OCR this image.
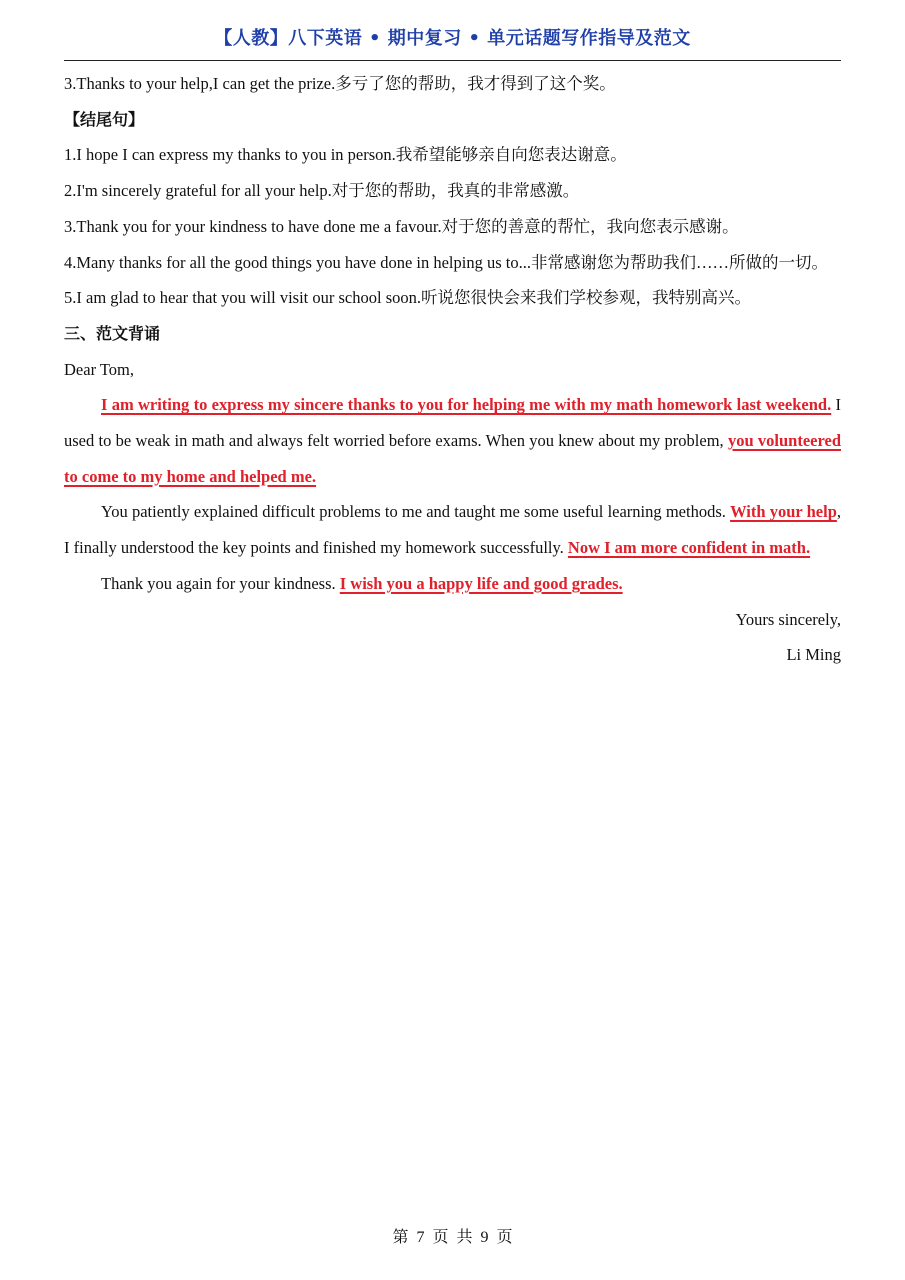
【人教】八下英语 • 期中复习 • 单元话题写作指导及范文

3.Thanks to your help,I can get the prize.多亏了您的帮助，我才得到了这个奖。

【结尾句】

1.I hope I can express my thanks to you in person.我希望能够亲自向您表达谢意。

2.I'm sincerely grateful for all your help.对于您的帮助，我真的非常感激。

3.Thank you for your kindness to have done me a favour.对于您的善意的帮忙，我向您表示感谢。

4.Many thanks for all the good things you have done in helping us to...非常感谢您为帮助我们……所做的一切。

5.I am glad to hear that you will visit our school soon.听说您很快会来我们学校参观，我特别高兴。

三、范文背诵

Dear Tom,

I am writing to express my sincere thanks to you for helping me with my math homework last weekend. I used to be weak in math and always felt worried before exams. When you knew about my problem, you volunteered to come to my home and helped me.

You patiently explained difficult problems to me and taught me some useful learning methods. With your help, I finally understood the key points and finished my homework successfully. Now I am more confident in math.

Thank you again for your kindness. I wish you a happy life and good grades.

Yours sincerely,

Li Ming

第 7 页 共 9 页
